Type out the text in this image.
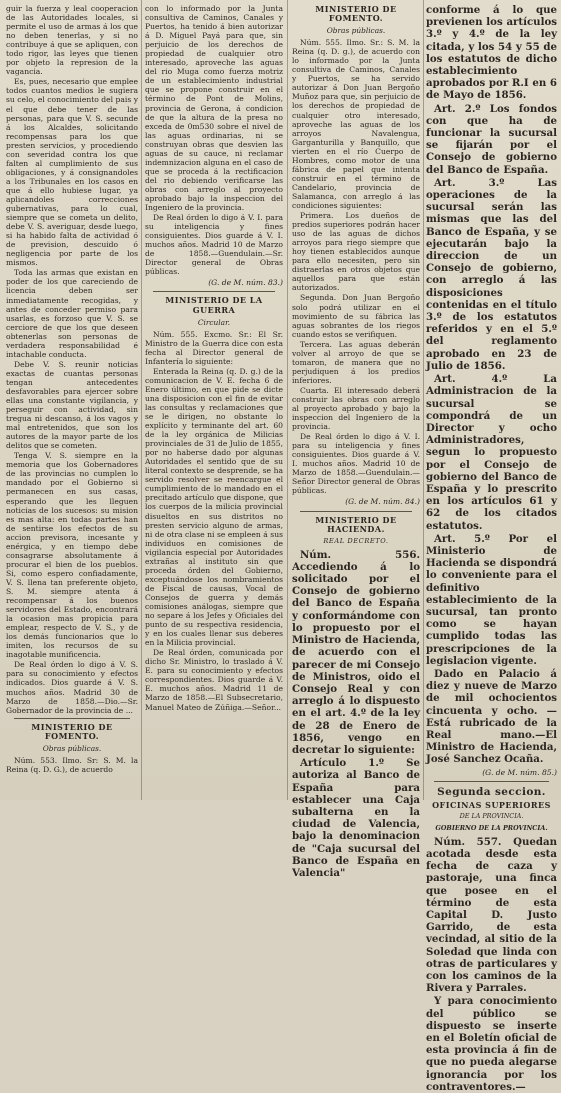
guir la fuerza y leal cooperacion de las Autoridades locales, si permite el uso de armas á los que no deben tenerlas, y si no contribuye á que se apliquen, con todo rigor, las leyes que tienen por objeto la represion de la vagancia.

Es, pues, necesario que emplee todos cuantos medios le sugiera su celo, el conocimiento del pais y el que debe tener de las personas, para que V. S. secunde á los Alcaldes, solicitando recompensas para los que presten servicios, y procediendo con severidad contra los que falten al cumplimiento de sus obligaciones, y á consignandoles a los Tribunales en los casos en que á ello hubiese lugar, ya aplicandoles correcciones gubernativas, para lo cual, siempre que se cometa un delito, debe V. S. averiguar, desde luego, si ha habido falta de actividad ó de prevision, descuido ó negligencia por parte de los mismos.

Toda las armas que existan en poder de los que careciendo de licencia deben ser inmediatamente recogidas, y antes de conceder permiso para usarlas, es forzoso que V. S. se cerciore de que los que deseen obtenerlas son personas de verdadera responsabilidad é intachable conducta.

Debe V. S. reunir noticias exactas de cuantas personas tengan antecedentes desfavorables para ejercer sobre ellas una constante vigilancia, y perseguir con actividad, sin tregua ni descanso, á los vagos y mal entretenidos, que son los autores de la mayor parte de los delitos que se cometen.

Tenga V. S. siempre en la memoria que los Gobernadores de las provincias no cumplen lo mandado por el Gobierno si permanecen en sus casas, esperando que les lleguen noticias de los sucesos: su mision es mas alta: en todas partes han de sentirse los efectos de su accion previsora, incesante y enérgica, y en tiempo debe consagrarse absolutamente á procurar el bien de los pueblos. Si, como espero confiadamente, V. S. llena tan preferente objeto, S. M. siempre atenta á recompensar á los buenos servidores del Estado, encontrará la ocasion mas propicia para emplear, respecto de V. S., y de los demás funcionarios que lo imiten, los recursos de su inagotable munificencia.

De Real órden lo digo á V. S. para su conocimiento y efectos indicados. Dios guarde á V. S. muchos años. Madrid 30 de Marzo de 1858.—Dio.—Sr. Gobernador de la provincia de ...

MINISTERIO DE FOMENTO.
Obras públicas.

Núm. 553. Ilmo. Sr: S. M. la Reina (q. D. G.), de acuerdo

con lo informado por la Junta consultiva de Caminos, Canales y Puertos, ha tenido á bien autorizar á D. Miguel Payá para que, sin perjuicio de los derechos de propiedad de cualquier otro interesado, aproveche las aguas del rio Muga como fuerza motriz de un establecimiento industrial que se propone construir en el término de Pont de Molins, provincia de Gerona, á condicion de que la altura de la presa no exceda de 0m530 sobre el nivel de las aguas ordinarias, ni se construyan obras que desvien las aguas de su cauce, ni reclamar indemnizacion alguna en el caso de que se proceda á la rectificacion del rio debiendo verificarse las obras con arreglo al proyecto aprobado bajo la inspeccion del Ingeniero de la provincia.

De Real órden lo digo á V. I. para su inteligencia y fines consiguientes. Dios guarde á V. I. muchos años. Madrid 10 de Marzo de 1858.—Guendulain.—Sr. Director general de Obras públicas.

(G. de M. núm. 83.)
MINISTERIO DE LA GUERRA
Circular.

Núm. 555. Excmo. Sr.: El Sr. Ministro de la Guerra dice con esta fecha al Director general de Infantería lo siguiente:

Enterada la Reina (q. D. g.) de la comunicacion de V. E. fecha 6 de Enero último, en que pide se dicte una disposicion con el fin de evitar las consultas y reclamaciones que se le dirigen, no obstante lo explícito y terminante del art. 60 de la ley orgánica de Milicias provinciales de 31 de Julio de 1855, por no haberse dado por algunas Autoridades el sentido que de su literal contexto se desprende, se ha servido resolver se reencargue el cumplimiento de lo mandado en el precitado artículo que dispone, que los cuerpos de la milicia provincial disueltos en sus distritos no presten servicio alguno de armas, ni de otra clase ni se empleen á sus individuos en comisiones de vigilancia especial por Autoridades extrañas al instituto sin que proceda órden del Gobierno, exceptuándose los nombramientos de Fiscal de causas, Vocal de Consejos de guerra y demás comisiones análogas, siempre que no separe á los Jefes y Oficiales del punto de su respectiva residencia, y en los cuales llenar sus deberes en la Milicia provincial.

De Real órden, comunicada por dicho Sr. Ministro, lo traslado á V. E. para su conocimiento y efectos correspondientes. Dios guarde á V. E. muchos años. Madrid 11 de Marzo de 1858.—El Subsecretario, Manuel Mateo de Zúñiga.—Señor...

MINISTERIO DE FOMENTO.
Obras públicas.

Núm. 555. Ilmo. Sr.: S. M. la Reina (q. D. g.), de acuerdo con lo informado por la Junta consultiva de Caminos, Canales y Puertos, se ha servido autorizar á Don Juan Bergoño Muñoz para que, sin perjuicio de los derechos de propiedad de cualquier otro interesado, aproveche las aguas de los arroyos Navalengua, Garganturilla y Banquillo, que vierten en el río Cuerpo de Hombres, como motor de una fábrica de papel que intenta construir en el término de Candelario, provincia de Salamanca, con arreglo á las condiciones siguientes:

Primera. Los dueños de predios superiores podrán hacer uso de las aguas de dichos arroyos para riego siempre que hoy tienen establecidos aunque para ello necesiten, pero sin distraerlas en otros objetos que aquellos para que están autorizados.

Segunda. Don Juan Bergoño solo podrá utilizar en el movimiento de su fábrica las aguas sobrantes de los riegos cuando estos se verifiquen.

Tercera. Las aguas deberán volver al arroyo de que se tomaron, de manera que no perjudiquen á los predios inferiores.

Cuarta. El interesado deberá construir las obras con arreglo al proyecto aprobado y bajo la inspeccion del Ingeniero de la provincia.

De Real órden lo digo á V. I. para su inteligencia y fines consiguientes. Dios guarde á V. I. muchos años. Madrid 10 de Marzo de 1858.—Guendulain.—Señor Director general de Obras públicas.

(G. de M. núm. 84.)
MINISTERIO DE HACIENDA.
REAL DECRETO.

Núm. 556. Accediendo á lo solicitado por el Consejo de gobierno del Banco de España y conformándome con lo propuesto por el Ministro de Hacienda, de acuerdo con el parecer de mi Consejo de Ministros, oido el Consejo Real y con arreglo á lo dispuesto en el art. 4.º de la ley de 28 de Enero de 1856, vengo en decretar lo siguiente:

Artículo 1.º Se autoriza al Banco de España para establecer una Caja subalterna en la ciudad de Valencia, bajo la denominacion de "Caja sucursal del Banco de España en Valencia"

conforme á lo que previenen los artículos 3.º y 4.º de la ley citada, y los 54 y 55 de los estatutos de dicho establecimiento aprobados por R.I en 6 de Mayo de 1856.

Art. 2.º Los fondos con que ha de funcionar la sucursal se fijarán por el Consejo de gobierno del Banco de España.

Art. 3.º Las operaciones de la sucursal serán las mismas que las del Banco de España, y se ejecutarán bajo la direccion de un Consejo de gobierno, con arreglo á las disposiciones contenidas en el título 3.º de los estatutos referidos y en el 5.º del reglamento aprobado en 23 de Julio de 1856.

Art. 4.º La Administracion de la sucursal se compondrá de un Director y ocho Administradores, segun lo propuesto por el Consejo de gobierno del Banco de España y lo prescrito en los artículos 61 y 62 de los citados estatutos.

Art. 5.º Por el Ministerio de Hacienda se dispondrá lo conveniente para el definitivo establecimiento de la sucursal, tan pronto como se hayan cumplido todas las prescripciones de la legislacion vigente.

Dado en Palacio á diez y nueve de Marzo de mil ochocientos cincuenta y ocho. —Está rubricado de la Real mano.—El Ministro de Hacienda, José Sanchez Ocaña.

(G. de M. núm. 85.)
Segunda seccion.
OFICINAS SUPERIORES
DE LA PROVINCIA.
GOBIERNO DE LA PROVINCIA.

Núm. 557. Quedan acotada desde esta fecha de caza y pastoraje, una finca que posee en el término de esta Capital D. Justo Garrido, de esta vecindad, al sitio de la Soledad que linda con otras de particulares y con los caminos de la Rivera y Parrales.

Y para conocimiento del público se dispuesto se inserte en el Boletín oficial de esta provincia á fin de que no pueda alegarse ignorancia por los contraventores.—
